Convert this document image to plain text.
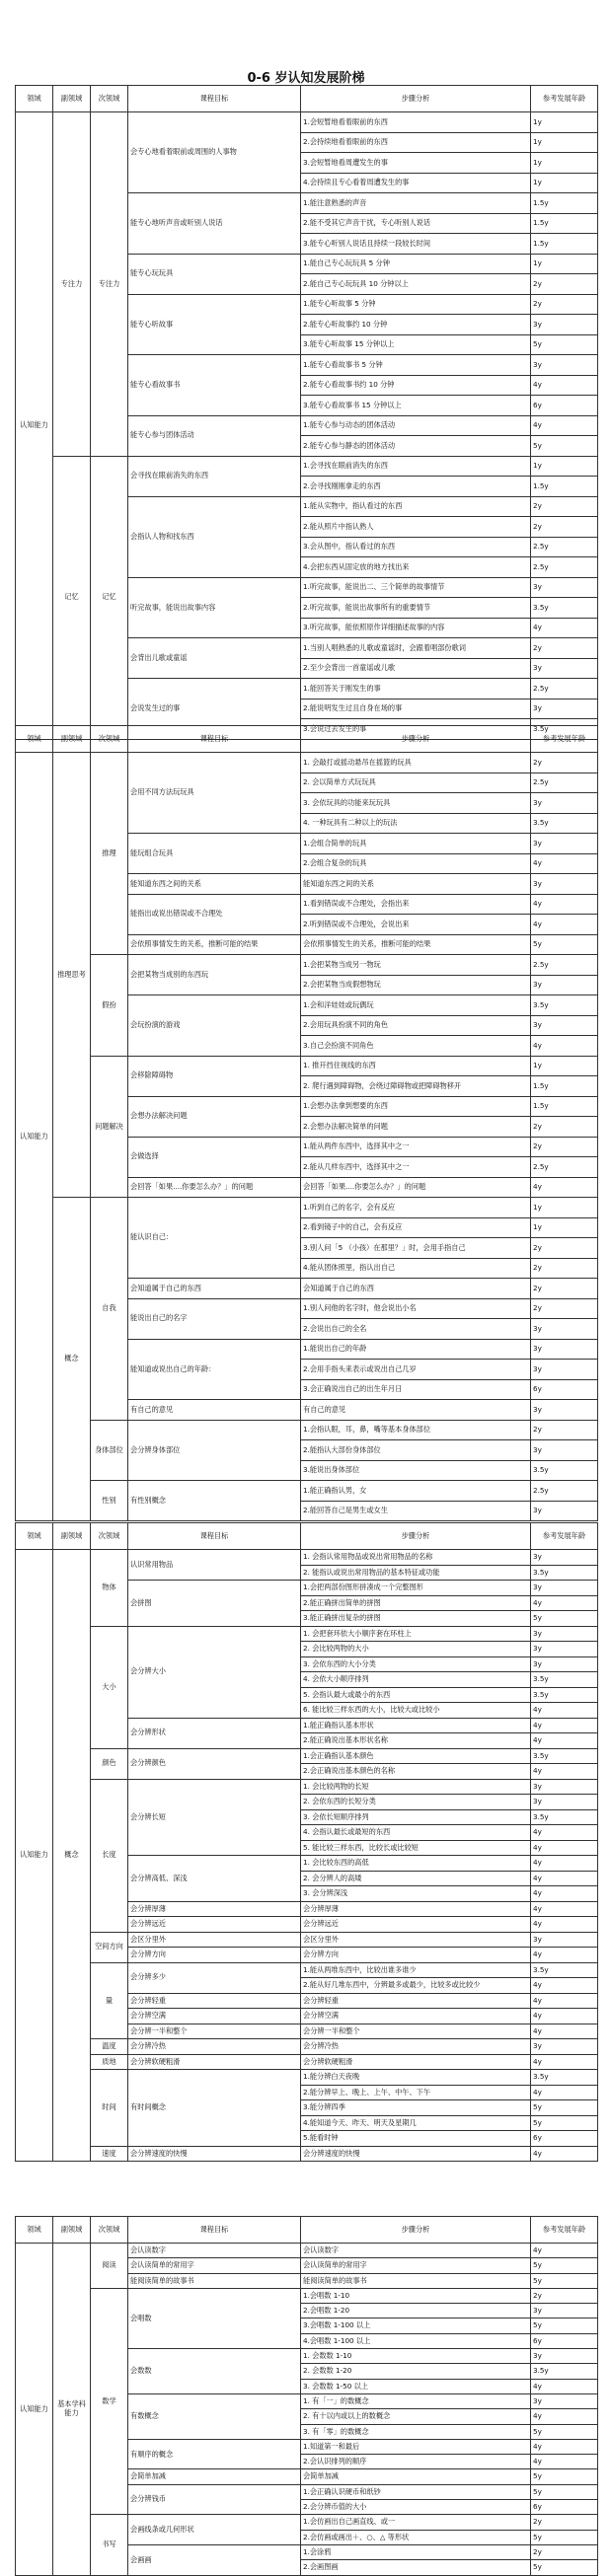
0-6 岁认知发展阶梯
领域	副领域	次领域	课程目标	步骤分析	参考发展年龄
认知能力	专注力	专注力	会专心地看着眼前或周围的人事物	1.会短暂地看着眼前的东西	1y
				2.会持续地看着眼前的东西	1y
				3.会短暂地看周遭发生的事	1y
				4.会持续且专心看着周遭发生的事	1y
			能专心地听声音或听别人说话	1.能注意熟悉的声音	1.5y
				2.能不受其它声音干扰，专心听别人说话	1.5y
				3.能专心听别人说话且持续一段较长时间	1.5y
			能专心玩玩具	1.能自己专心玩玩具 5 分钟	1y
				2.能自己专心玩玩具 10 分钟以上	2y
			能专心听故事	1.能专心听故事 5 分钟	2y
				2.能专心听故事约 10 分钟	3y
				3.能专心听故事 15 分钟以上	5y
			能专心看故事书	1.能专心看故事书 5 分钟	3y
				2.能专心看故事书约 10 分钟	4y
				3.能专心看故事书 15 分钟以上	6y
			能专心参与团体活动	1.能专心参与动态的团体活动	4y
				2.能专心参与静态的团体活动	5y
	记忆	记忆	会寻找在眼前消失的东西	1.会寻找在眼前消失的东西	1y
				2.会寻找刚刚拿走的东西	1.5y
			会指认人物和找东西	1.能从实物中，指认看过的东西	2y
				2.能从照片中指认熟人	2y
				3.会从图中，指认看过的东西	2.5y
				4.会把东西从固定放的地方找出来	2.5y
			听完故事，能说出故事内容	1.听完故事，能说出二、三个简单的故事情节	3y
				2.听完故事，能说出故事所有的重要情节	3.5y
				3.听完故事，能依照原作详细描述故事的内容	4y
			会背出儿歌或童谣	1.当别人唱熟悉的儿歌或童谣时，会跟着唱部份歌词	2y
				2.至少会背出一首童谣或儿歌	3y
			会说发生过的事	1.能回答关于刚发生的事	2.5y
				2.能说明发生过且自身在场的事	3y
				3.会说过去发生的事	3.5y
领域	副领域	次领域	课程目标	步骤分析	参考发展年龄
认知能力	推理思考	推理	会用不同方法玩玩具	1. 会敲打或摇动悬吊在摇篮的玩具	2y
				2. 会以简单方式玩玩具	2.5y
				3. 会依玩具的功能来玩玩具	3y
				4. 一种玩具有二种以上的玩法	3.5y
			能玩组合玩具	1.会组合简单的玩具	3y
				2.会组合复杂的玩具	4y
			能知道东西之间的关系	能知道东西之间的关系	3y
			能指出或说出错误或不合理处	1.看到错误或不合理处，会指出来	4y
				2.听到错误或不合理处，会说出来	4y
			会依照事情发生的关系，推断可能的结果	会依照事情发生的关系，推断可能的结果	5y
		假扮	会把某物当成别的东西玩	1.会把某物当成另一物玩	2.5y
				2.会把某物当成假想物玩	3y
			会玩扮演的游戏	1.会和洋娃娃或玩偶玩	3.5y
				2.会用玩具扮演不同的角色	3y
				3.自己会扮演不同角色	4y
		问题解决	会移除障碍物	1. 推开挡住视线的东西	1y
				2. 爬行遇到障碍物，会绕过障碍物或把障碍物移开	1.5y
			会想办法解决问题	1.会想办法拿到想要的东西	1.5y
				2.会想办法解决简单的问题	2y
			会做选择	1.能从两件东西中，选择其中之一	2y
				2.能从几样东西中，选择其中之一	2.5y
			会回答「如果....你要怎么办？」的问题	会回答「如果....你要怎么办？」的问题	4y
	概念	自我	能认识自己：	1.听到自己的名字，会有反应	1y
				2.看到镜子中的自己，会有反应	1y
				3.别人问「5 （小孩）在那里？」时，会用手指自己	2y
				4.能从团体照里，指认出自己	2y
			会知道属于自己的东西	会知道属于自己的东西	2y
			能说出自己的名字	1.别人问他的名字时，他会说出小名	2y
				2.会说出自己的全名	3y
			能知道或说出自己的年龄：	1.能说出自己的年龄	3y
				2.会用手指头来表示或说出自己几岁	3y
				3.会正确说出自己的出生年月日	6y
			有自己的意见	有自己的意见	3y
		身体部位	会分辨身体部位	1.会指认眼，耳，鼻，嘴等基本身体部位	2y
				2.能指认大部份身体部位	3y
				3.能说出身体部位	3.5y
		性别	有性别概念	1.能正确指认男，女	2.5y
				2.能回答自己是男生或女生	3y
领域	副领域	次领域	课程目标	步骤分析	参考发展年龄
认知能力	概念	物体	认识常用物品	1. 会指认常用物品或说出常用物品的名称	3y
				2. 能指认或说出常用物品的基本特征或功能	3.5y
			会拼图	1.会把两部份图形拼凑成一个完整图形	3y
				2.能正确拼出简单的拼图	4y
				3.能正确拼出复杂的拼图	5y
		大小	会分辨大小	1. 会把套环依大小顺序套在环柱上	3y
				2. 会比较两物的大小	3y
				3. 会依东西的大小分类	3y
				4. 会依大小顺序排列	3.5y
				5. 会指认最大或最小的东西	3.5y
				6. 能比较三样东西的大小，比较大或比较小	4y
			会分辨形状	1.能正确指认基本形状	4y
				2.能正确说出基本形状名称	4y
		颜色	会分辨颜色	1.会正确指认基本颜色	3.5y
				2.会正确说出基本颜色的名称	4y
		长度	会分辨长短	1. 会比较两物的长短	3y
				2. 会依东西的长短分类	3y
				3. 会依长短顺序排列	3.5y
				4. 会指认最长或最短的东西	4y
				5. 能比较三样东西，比较长或比较短	4y
			会分辨高低、深浅	1. 会比较东西的高低	4y
				2. 会分辨人的高矮	4y
				3. 会分辨深浅	4y
			会分辨厚薄	会分辨厚薄	4y
			会分辨远近	会分辨远近	4y
		空间方向	会区分里外	会区分里外	3y
			会分辨方向	会分辨方向	4y
		量	会分辨多少	1.能从两堆东西中，比较出谁多谁少	3.5y
				2.能从好几堆东西中，分辨最多或最少，比较多或比较少	4y
			会分辨轻重	会分辨轻重	4y
			会分辨空满	会分辨空满	4y
			会分辨一半和整个	会分辨一半和整个	4y
		温度	会分辨冷热	会分辨冷热	3y
		质地	会分辨软硬粗滑	会分辨软硬粗滑	4y
		时间	有时间概念	1.能分辨白天夜晚	3.5y
				2.能分辨早上、晚上、上午、中午、下午	4y
				3.能分辨四季	5y
				4.能知道今天、昨天、明天及星期几	5y
				5.能看时钟	6y
		速度	会分辨速度的快慢	会分辨速度的快慢	4y
领域	副领域	次领域	课程目标	步骤分析	参考发展年龄
认知能力	基本学科能力	阅读	会认读数字	会认读数字	4y
			会认读简单的常用字	会认读简单的常用字	5y
			能阅读简单的故事书	能阅读简单的故事书	5y
		数学	会唱数	1.会唱数 1-10	2y
				2.会唱数 1-20	3y
				3.会唱数 1-100 以上	5y
				4.会唱数 1-100 以上	6y
			会数数	1. 会数数 1-10	3y
				2. 会数数 1-20	3.5y
				3. 会数数 1-50 以上	4y
			有数概念	1. 有「一」的数概念	3y
				2. 有十以内或以上的数概念	4y
				3. 有「零」的数概念	5y
			有顺序的概念	1.知道第一和最后	4y
				2.会认识排列的顺序	4y
			会简单加减	会简单加减	5y
			会分辨钱币	1.会正确认识硬币和纸钞	5y
				2.会分辨币值的大小	6y
		书写	会画线条或几何形状	1.会仿画出自己画直线、或一	2y
				2.会仿画或画出＋、○、△ 等形状	5y
			会画画	1.会涂鸦	2y
				2.会画图画	5y
